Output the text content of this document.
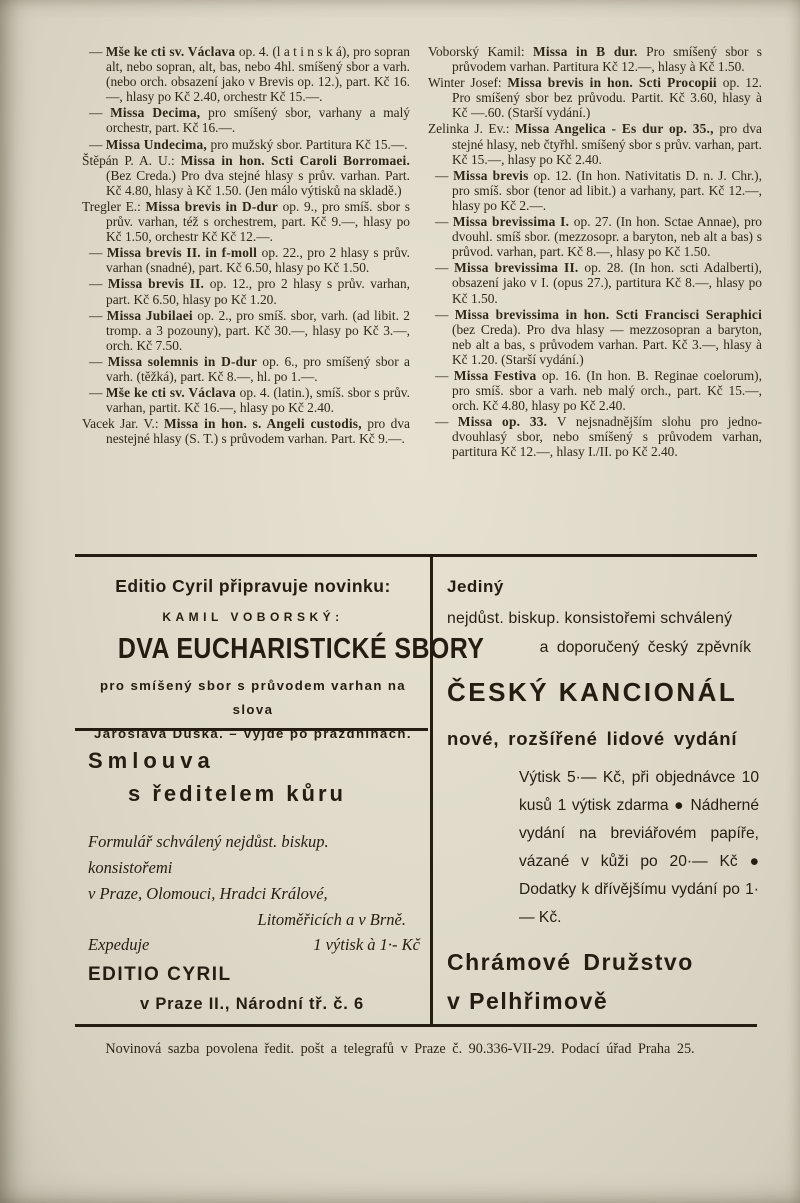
— Mše ke cti sv. Václava op. 4. (l a t i n s k á), pro sopran alt, nebo sopran, alt, bas, nebo 4hl. smíšený sbor a varh. (nebo orch. obsazení jako v Brevis op. 12.), part. Kč 16.—, hlasy po Kč 2.40, orchestr Kč 15.—.

— Missa Decima, pro smíšený sbor, varhany a malý orchestr, part. Kč 16.—.

— Missa Undecima, pro mužský sbor. Partitura Kč 15.—.

Štěpán P. A. U.: Missa in hon. Scti Caroli Borromaei. (Bez Creda.) Pro dva stejné hlasy s prův. varhan. Part. Kč 4.80, hlasy à Kč 1.50. (Jen málo výtisků na skladě.)

Tregler E.: Missa brevis in D-dur op. 9., pro smíš. sbor s prův. varhan, též s orchestrem, part. Kč 9.—, hlasy po Kč 1.50, orchestr Kč Kč 12.—.

— Missa brevis II. in f-moll op. 22., pro 2 hlasy s prův. varhan (snadné), part. Kč 6.50, hlasy po Kč 1.50.

— Missa brevis II. op. 12., pro 2 hlasy s prův. varhan, part. Kč 6.50, hlasy po Kč 1.20.

— Missa Jubilaei op. 2., pro smíš. sbor, varh. (ad libit. 2 tromp. a 3 pozouny), part. Kč 30.—, hlasy po Kč 3.—, orch. Kč 7.50.

— Missa solemnis in D-dur op. 6., pro smíšený sbor a varh. (těžká), part. Kč 8.—, hl. po 1.—.

— Mše ke cti sv. Václava op. 4. (latin.), smíš. sbor s prův. varhan, partit. Kč 16.—, hlasy po Kč 2.40.

Vacek Jar. V.: Missa in hon. s. Angeli custodis, pro dva nestejné hlasy (S. T.) s průvodem varhan. Part. Kč 9.—.

Voborský Kamil: Missa in B dur. Pro smíšený sbor s průvodem varhan. Partitura Kč 12.—, hlasy à Kč 1.50.

Winter Josef: Missa brevis in hon. Scti Procopii op. 12. Pro smíšený sbor bez průvodu. Partit. Kč 3.60, hlasy à Kč —.60. (Starší vydání.)

Zelinka J. Ev.: Missa Angelica - Es dur op. 35., pro dva stejné hlasy, neb čtyřhl. smíšený sbor s prův. varhan, part. Kč 15.—, hlasy po Kč 2.40.

— Missa brevis op. 12. (In hon. Nativitatis D. n. J. Chr.), pro smíš. sbor (tenor ad libit.) a varhany, part. Kč 12.—, hlasy po Kč 2.—.

— Missa brevissima I. op. 27. (In hon. Sctae Annae), pro dvouhl. smíš sbor. (mezzosopr. a baryton, neb alt a bas) s průvod. varhan, part. Kč 8.—, hlasy po Kč 1.50.

— Missa brevissima II. op. 28. (In hon. scti Adalberti), obsazení jako v I. (opus 27.), partitura Kč 8.—, hlasy po Kč 1.50.

— Missa brevissima in hon. Scti Francisci Seraphici (bez Creda). Pro dva hlasy — mezzosopran a baryton, neb alt a bas, s průvodem varhan. Part. Kč 3.—, hlasy à Kč 1.20. (Starší vydání.)

— Missa Festiva op. 16. (In hon. B. Reginae coelorum), pro smíš. sbor a varh. neb malý orch., part. Kč 15.—, orch. Kč 4.80, hlasy po Kč 2.40.

— Missa op. 33. V nejsnadnějším slohu pro jedno- dvouhlasý sbor, nebo smíšený s průvodem varhan, partitura Kč 12.—, hlasy I./II. po Kč 2.40.

Editio Cyril připravuje novinku:
KAMIL VOBORSKÝ:
DVA EUCHARISTICKÉ SBORY
pro smíšený sbor s průvodem varhan na slova
Jaroslava Duška. – Vyjde po prázdninách.
Smlouva
s ředitelem kůru
Formulář schválený nejdůst. biskup.
konsistořemi
v Praze, Olomouci, Hradci Králové,
Litoměřicích a v Brně.
Expeduje	1 výtisk à 1·- Kč
EDITIO CYRIL
v Praze II., Národní tř. č. 6
Jediný
nejdůst. biskup. konsistořemi schválený
a doporučený český zpěvník
ČESKÝ KANCIONÁL
nové, rozšířené lidové vydání
Výtisk 5·— Kč, při objednávce 10 kusů 1 výtisk zdarma ● Nádherné vydání na breviářovém papíře, vázané v kůži po 20·— Kč ● Dodatky k dřívějšímu vydání po 1·— Kč.
Chrámové Družstvo
v Pelhřimově
Novinová sazba povolena ředit. pošt a telegrafů v Praze č. 90.336-VII-29. Podací úřad Praha 25.
